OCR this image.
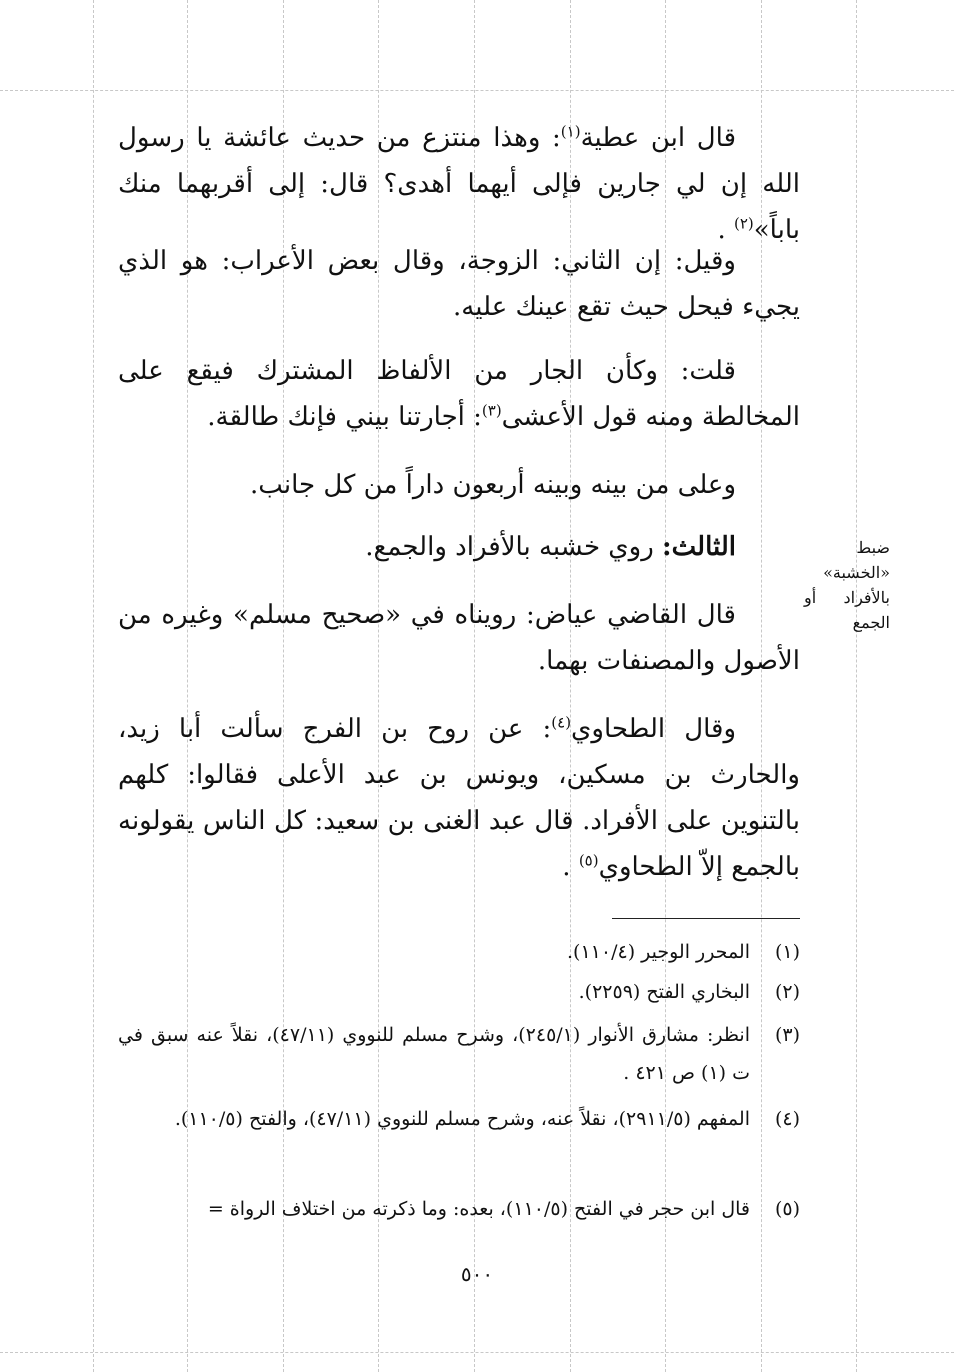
قال ابن عطية$^{(١)}$: وهذا منتزع من حديث عائشة يا رسول الله إن لي جارين فإلى أيهما أهدى؟ قال: إلى أقربهما منك باباً»$^{(٢)}$ .

وقيل: إن الثاني: الزوجة، وقال بعض الأعراب: هو الذي يجيء فيحل حيث تقع عينك عليه.

قلت: وكأن الجار من الألفاظ المشترك فيقع على المخالطة ومنه قول الأعشى$^{(٣)}$: أجارتنا بيني فإنك طالقة.

وعلى من بينه وبينه أربعون داراً من كل جانب.

الثالث: روي خشبه بالأفراد والجمع.	ضبط «الخشبة» بالأفراد أو الجمع

قال القاضي عياض: رويناه في «صحيح مسلم» وغيره من الأصول والمصنفات بهما.

وقال الطحاوي$^{(٤)}$: عن روح بن الفرج سألت أبا زيد، والحارث بن مسكين، ويونس بن عبد الأعلى فقالوا: كلهم بالتنوين على الأفراد. قال عبد الغنى بن سعيد: كل الناس يقولونه بالجمع إلاّ الطحاوي$^{(٥)}$ .

(١)
المحرر الوجير (١١٠/٤).
(٢)
البخاري الفتح (٢٢٥٩).
(٣)
انظر: مشارق الأنوار (٢٤٥/١)، وشرح مسلم للنووي (٤٧/١١)، نقلاً عنه سبق في ت (١) ص ٤٢١ .
(٤)
المفهم (٢٩١١/٥)، نقلاً عنه، وشرح مسلم للنووي (٤٧/١١)، والفتح (١١٠/٥).
(٥)
قال ابن حجر في الفتح (١١٠/٥)، بعده: وما ذكرته من اختلاف الرواة =
٥٠٠
